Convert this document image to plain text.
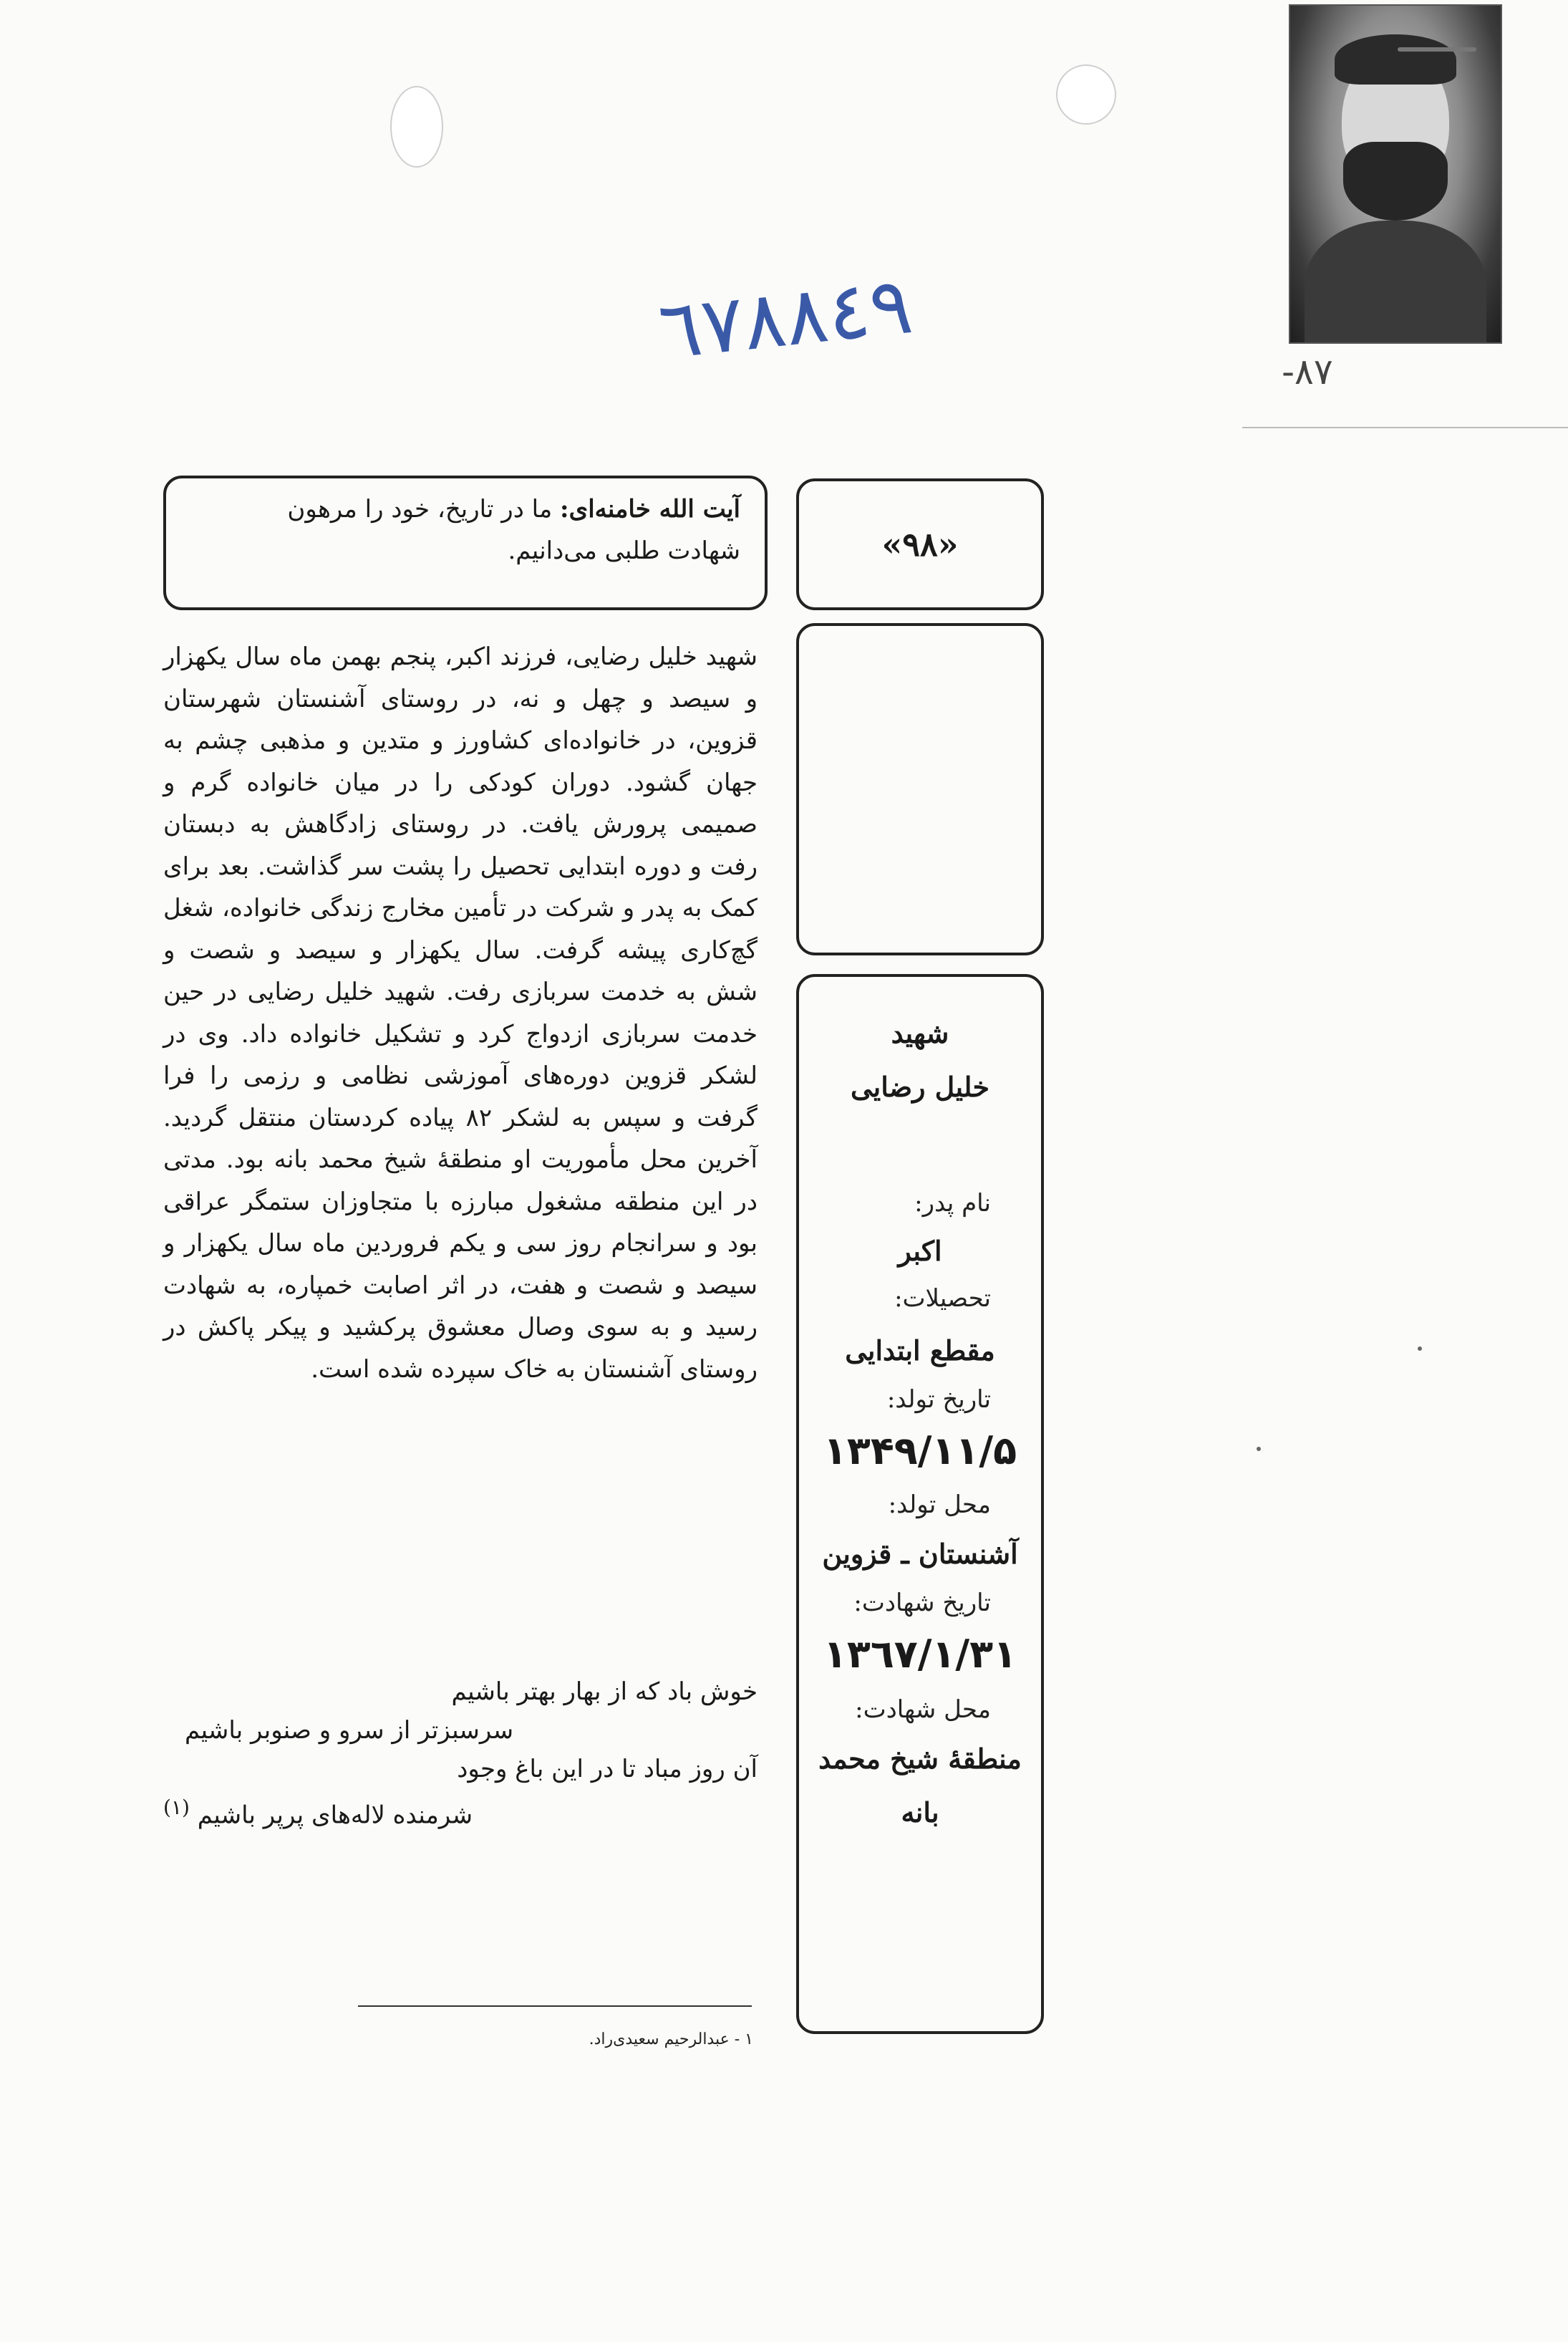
٦٧٨٨٤٩	٨٧-
آیت الله خامنه‌ای: ما در تاریخ، خود را مرهون
شهادت طلبی می‌دانیم.	«۹۸»
شهید
خلیل رضایی
نام پدر:
اکبر
تحصیلات:
مقطع ابتدایی
تاریخ تولد:
۱۳۴۹/۱۱/۵
محل تولد:
آشنستان ـ قزوین
تاریخ شهادت:
۱۳٦۷/۱/۳۱
محل شهادت:
منطقهٔ شیخ محمد
بانه
شهید خلیل رضایی، فرزند اکبر، پنجم بهمن ماه سال یکهزار و سیصد و چهل و نه، در روستای آشنستان شهرستان قزوین، در خانواده‌ای کشاورز و متدین و مذهبی چشم به جهان گشود. دوران کودکی را در میان خانواده گرم و صمیمی پرورش یافت. در روستای زادگاهش به دبستان رفت و دوره ابتدایی تحصیل را پشت سر گذاشت. بعد برای کمک به پدر و شرکت در تأمین مخارج زندگی خانواده، شغل گچ‌کاری پیشه گرفت. سال یکهزار و سیصد و شصت و شش به خدمت سربازی رفت. شهید خلیل رضایی در حین خدمت سربازی ازدواج کرد و تشکیل خانواده داد. وی در لشکر قزوین دوره‌های آموزشی نظامی و رزمی را فرا گرفت و سپس به لشکر ۸۲ پیاده کردستان منتقل گردید. آخرین محل مأموریت او منطقهٔ شیخ محمد بانه بود. مدتی در این منطقه مشغول مبارزه با متجاوزان ستمگر عراقی بود و سرانجام روز سی و یکم فروردین ماه سال یکهزار و سیصد و شصت و هفت، در اثر اصابت خمپاره، به شهادت رسید و به سوی وصال معشوق پرکشید و پیکر پاکش در روستای آشنستان به خاک سپرده شده است.
خوش باد که از بهار بهتر باشیم
سرسبزتر از سرو و صنوبر باشیم
آن روز مباد تا در این باغ وجود
شرمنده لاله‌های پرپر باشیم $^{(۱)}$
۱ - عبدالرحیم سعیدی‌راد.
